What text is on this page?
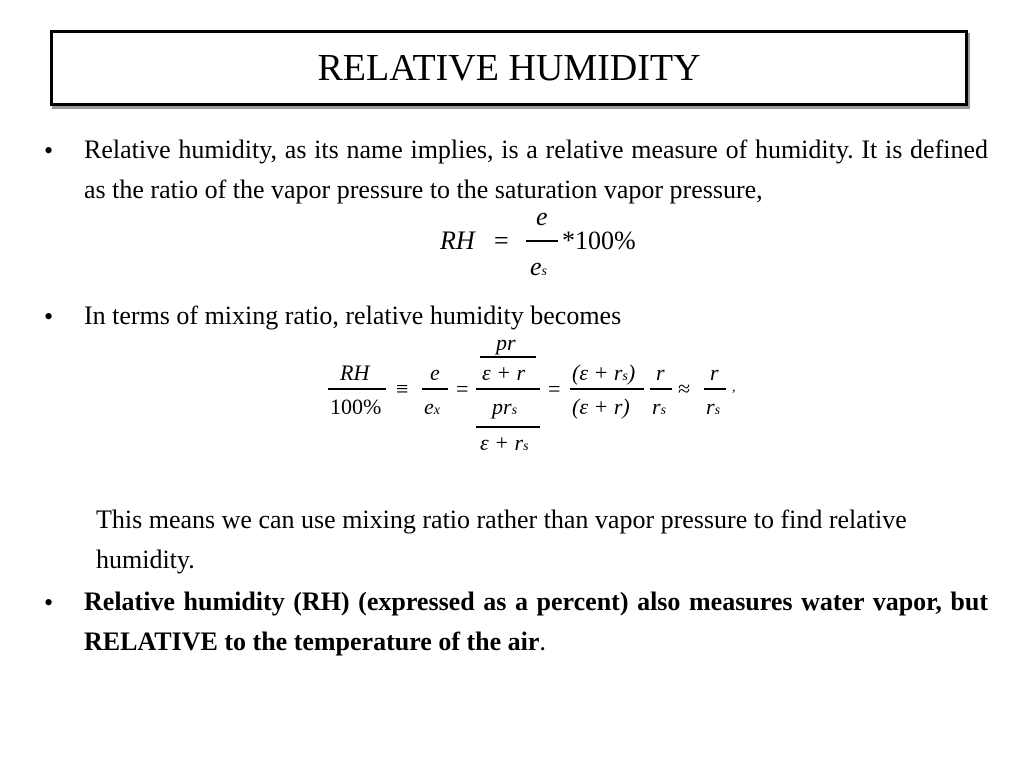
RELATIVE HUMIDITY
• Relative humidity, as its name implies, is a relative measure of humidity. It is defined as the ratio of the vapor pressure to the saturation vapor pressure,
RH =
e
es
*100%
• In terms of mixing ratio, relative humidity becomes
RH
100%
≡
e
ex
=
pr
ε + r
prs
ε + rs
=
(ε + rs)
(ε + r)
r
rs
≈
r
rs
,
This means we can use mixing ratio rather than vapor pressure to find relative humidity.
• Relative humidity (RH) (expressed as a percent) also measures water vapor, but RELATIVE to the temperature of the air.
